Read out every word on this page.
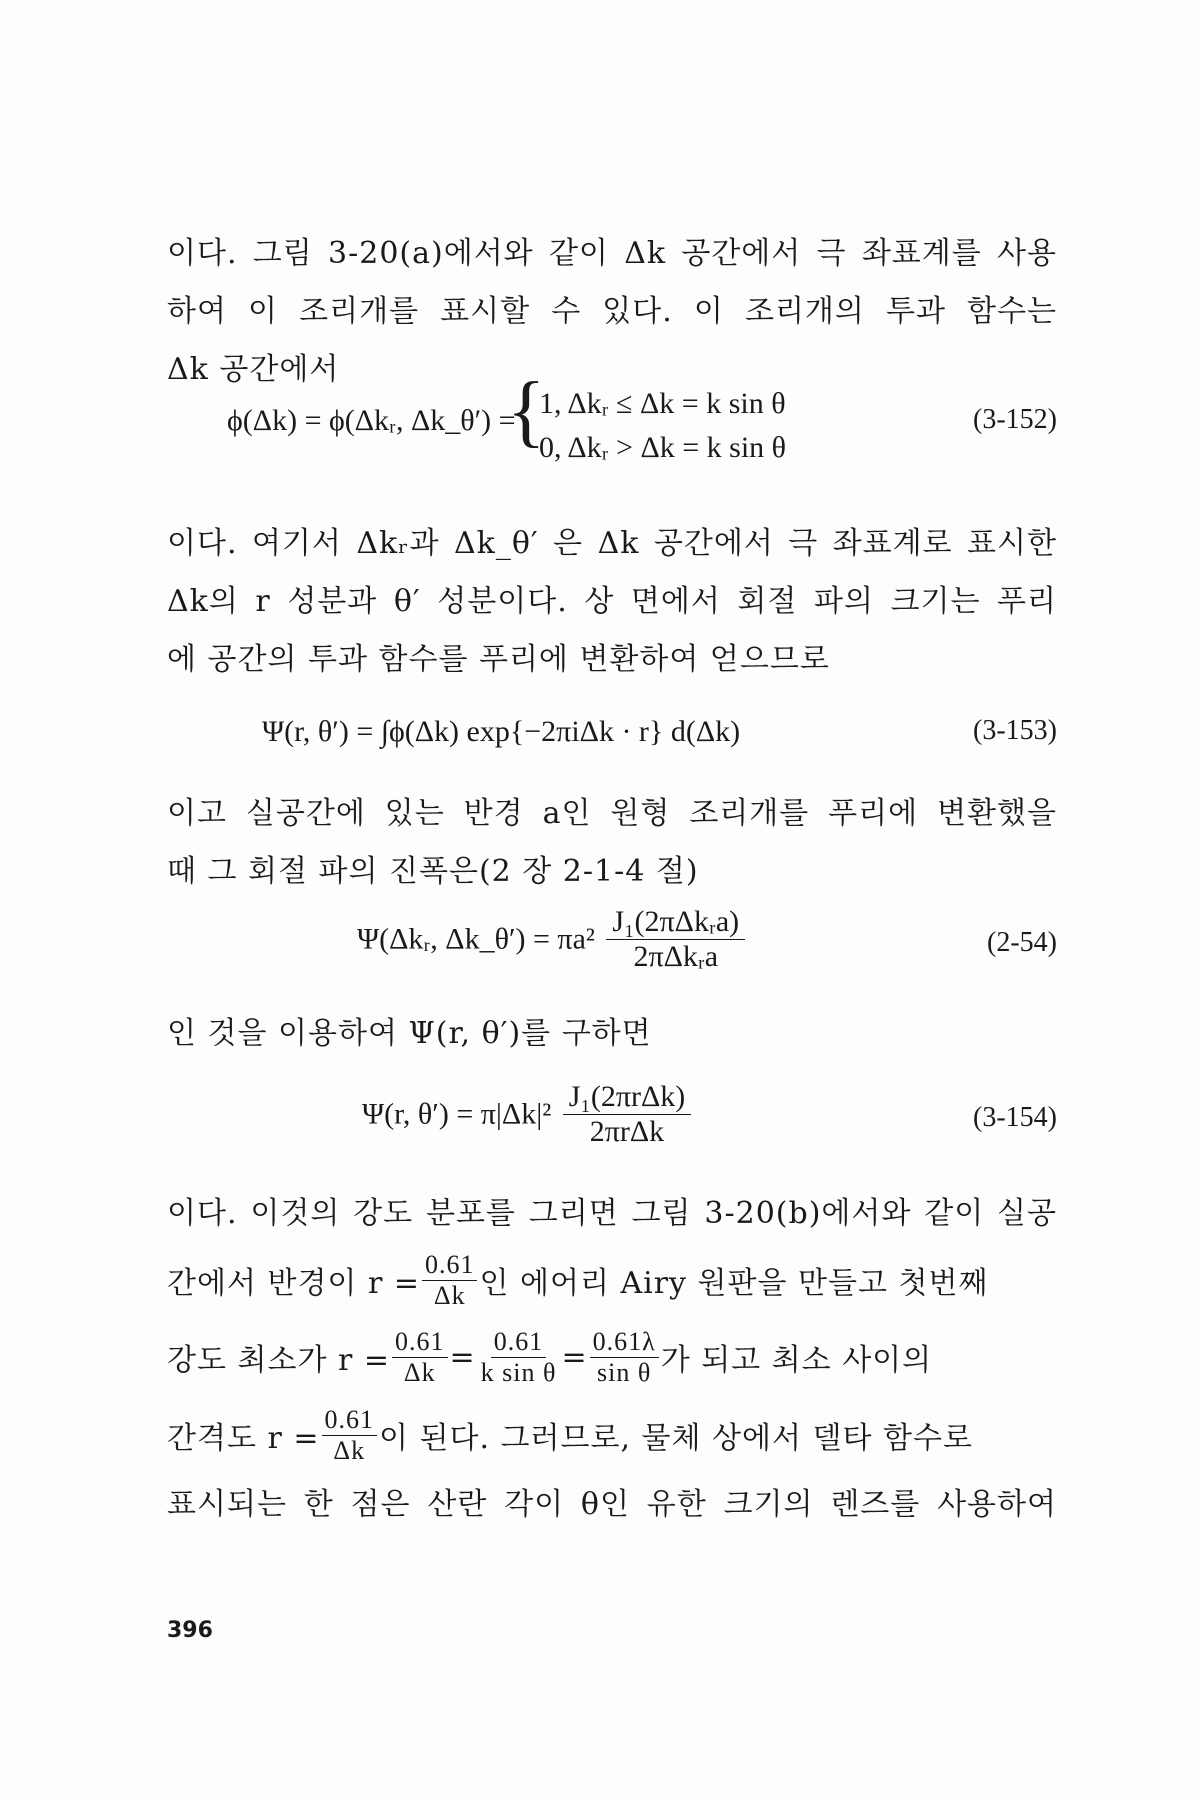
이다. 그림 3-20(a)에서와 같이 Δk 공간에서 극 좌표계를 사용
하여 이 조리개를 표시할 수 있다. 이 조리개의 투과 함수는
Δk 공간에서
ϕ(Δk) = ϕ(Δkᵣ, Δk_θ′) =
{
1, Δkᵣ ≤ Δk = k sin θ
0, Δkᵣ > Δk = k sin θ
(3-152)
이다. 여기서 Δkᵣ과 Δk_θ′ 은 Δk 공간에서 극 좌표계로 표시한
Δk의 r 성분과 θ′ 성분이다. 상 면에서 회절 파의 크기는 푸리
에 공간의 투과 함수를 푸리에 변환하여 얻으므로
Ψ(r, θ′) = ∫ϕ(Δk) exp{−2πiΔk · r} d(Δk)	(3-153)
이고 실공간에 있는 반경 a인 원형 조리개를 푸리에 변환했을
때 그 회절 파의 진폭은(2 장 2-1-4 절)
Ψ(Δkᵣ, Δk_θ′) = $\pi a^2 \frac{\text{J₁(2πΔkᵣa)}}{\text{2πΔkᵣa}}$	(2-54)
인 것을 이용하여 Ψ(r, θ′)를 구하면
Ψ(r, $\theta') = \pi|\Delta k|^2 \frac{\text{J₁(2πrΔk)}}{\text{2πrΔk}}$	(3-154)
이다. 이것의 강도 분포를 그리면 그림 3-20(b)에서와 같이 실공
간에서 반경이 $r = \frac{0.61}{\Delta k}$ 인 에어리 Airy 원판을 만들고 첫번째
강도 최소가 $r = \frac{0.61}{\Delta k} = \frac{0.61}{\text{k sin θ}} = \frac{0.61\lambda}{\text{sin θ}}$ 가 되고 최소 사이의
간격도 $r = \frac{0.61}{\Delta k}$ 이 된다. 그러므로, 물체 상에서 델타 함수로
표시되는 한 점은 산란 각이 θ인 유한 크기의 렌즈를 사용하여
396
